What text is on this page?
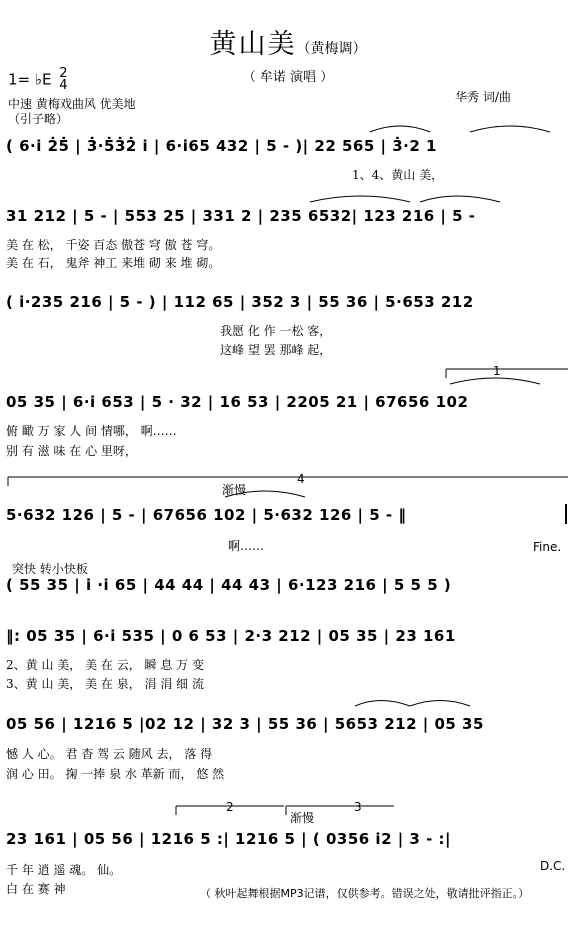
黄山美（黄梅调）
（ 牟诺 演唱 ）
1= ♭E 2
4
中速 黄梅戏曲风 优美地
（引子略）
华秀 词/曲
( 6·i 2̇5̇ | 3̇·5̇3̇2̇ i | 6·i65 432 | 5 - )| 22 565 | 3̇·2 1
1、4、黄山 美，
31 212 | 5 - | 553 25 | 331 2 | 235 6532| 123 216 | 5 -
美 在 松， 千姿 百态 傲苍 穹 傲 苍 穹。
美 在 石， 鬼斧 神工 来堆 砌 来 堆 砌。
( i·235 216 | 5 - ) | 112 65 | 352 3 | 55 36 | 5·653 212
我愿 化 作 一松 客，
这峰 望 罢 那峰 起，
1
05 35 | 6·i 653 | 5 · 32 | 16 53 | 2205 21 | 67656 102
俯 瞰 万 家 人 间 情哪， 啊……
别 有 滋 味 在 心 里呀，
渐慢
4
5·632 126 | 5 - | 67656 102 | 5·632 126 | 5 - ‖
啊……	Fine.
突快 转小快板
( 55 35 | i ·i 65 | 44 44 | 44 43 | 6·123 216 | 5 5 5 )
‖: 05 35 | 6·i 535 | 0 6 53 | 2·3 212 | 05 35 | 23 161
2、黄 山 美， 美 在 云， 瞬 息 万 变
3、黄 山 美， 美 在 泉， 涓 涓 细 流
05 56 | 1216 5 |02 12 | 32 3 | 55 36 | 5653 212 | 05 35
憾 人 心。 君 杳 驾 云 随风 去， 落 得
润 心 田。 掬 一捧 泉 水 革新 而， 悠 然
2
渐慢
3
23 161 | 05 56 | 1216 5 :| 1216 5 | ( 0356 i2 | 3 - :|
千 年 逍 遥 魂。 仙。
白 在 赛 神
D.C.
（ 秋叶起舞根据MP3记谱，仅供参考。错误之处，敬请批评指正。）
